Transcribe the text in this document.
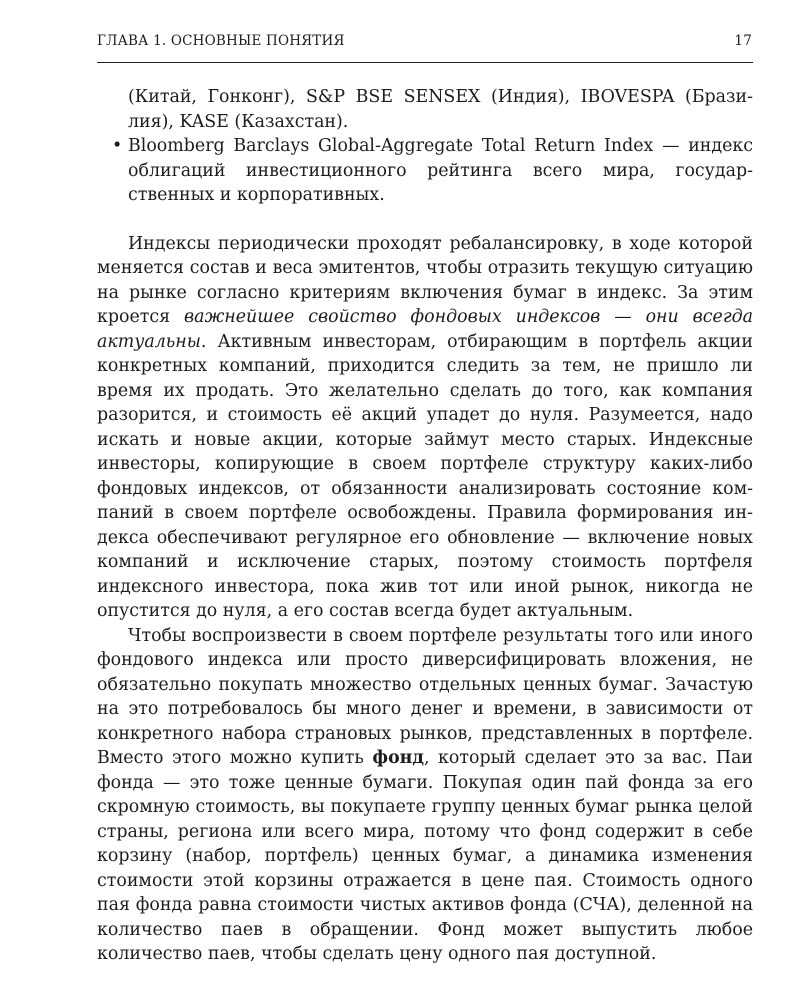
ГЛАВА 1. ОСНОВНЫЕ ПОНЯТИЯ	17

(Китай, Гонконг), S&P BSE SENSEX (Индия), IBOVESPA (Бразилия), KASE (Казахстан).

• Bloomberg Barclays Global-Aggregate Total Return Index — индекс облигаций инвестиционного рейтинга всего мира, государственных и корпоративных.

Индексы периодически проходят ребалансировку, в ходе которой меняется состав и веса эмитентов, чтобы отразить текущую ситуацию на рынке согласно критериям включения бумаг в индекс. За этим кроется важнейшее свойство фондовых индексов — они всегда актуальны. Активным инвесторам, отбирающим в портфель акции конкретных компаний, приходится следить за тем, не пришло ли время их продать. Это желательно сделать до того, как компания разорится, и стоимость её акций упадет до нуля. Разумеется, надо искать и новые акции, которые займут место старых. Индексные инвесторы, копирующие в своем портфеле структуру каких-либо фондовых индексов, от обязанности анализировать состояние компаний в своем портфеле освобождены. Правила формирования индекса обеспечивают регулярное его обновление — включение новых компаний и исключение старых, поэтому стоимость портфеля индексного инвестора, пока жив тот или иной рынок, никогда не опустится до нуля, а его состав всегда будет актуальным.

Чтобы воспроизвести в своем портфеле результаты того или иного фондового индекса или просто диверсифицировать вложения, не обязательно покупать множество отдельных ценных бумаг. Зачастую на это потребовалось бы много денег и времени, в зависимости от конкретного набора страновых рынков, представленных в портфеле. Вместо этого можно купить фонд, который сделает это за вас. Паи фонда — это тоже ценные бумаги. Покупая один пай фонда за его скромную стоимость, вы покупаете группу ценных бумаг рынка целой страны, региона или всего мира, потому что фонд содержит в себе корзину (набор, портфель) ценных бумаг, а динамика изменения стоимости этой корзины отражается в цене пая. Стоимость одного пая фонда равна стоимости чистых активов фонда (СЧА), деленной на количество паев в обращении. Фонд может выпустить любое количество паев, чтобы сделать цену одного пая доступной.
